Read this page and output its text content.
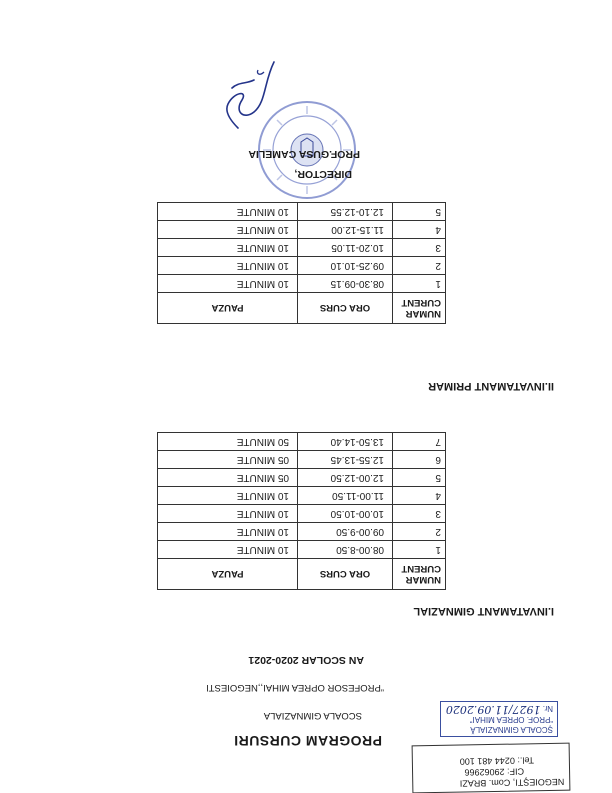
NEGOIEŞTI, Com. BRAZI
CIF: 29062966
Tel.: 0244 481 100
ŞCOALA GIMNAZIALĂ
“PROF. OPREA MIHAI”
Nr. 1927/11.09.2020
PROGRAM CURSURI
SCOALA GIMNAZIALA
“PROFESOR OPREA MIHAI,,NEGOIESTI
AN SCOLAR 2020-2021
I.INVATAMANT GIMNAZIAL
NUMAR CURENT	ORA CURS	PAUZA
1	08.00-8.50	10 MINUTE
2	09.00-9.50	10 MINUTE
3	10.00-10.50	10 MINUTE
4	11.00-11.50	10 MINUTE
5	12.00-12.50	05 MINUTE
6	12.55-13.45	05 MINUTE
7	13.50-14.40	50 MINUTE
II.INVATAMANT PRIMAR
NUMAR CURENT	ORA CURS	PAUZA
1	08.30-09.15	10 MINUTE
2	09.25-10.10	10 MINUTE
3	10.20-11.05	10 MINUTE
4	11.15-12.00	10 MINUTE
5	12.10-12.55	10 MINUTE
DIRECTOR,
PROF.GUSA CAMELIA
